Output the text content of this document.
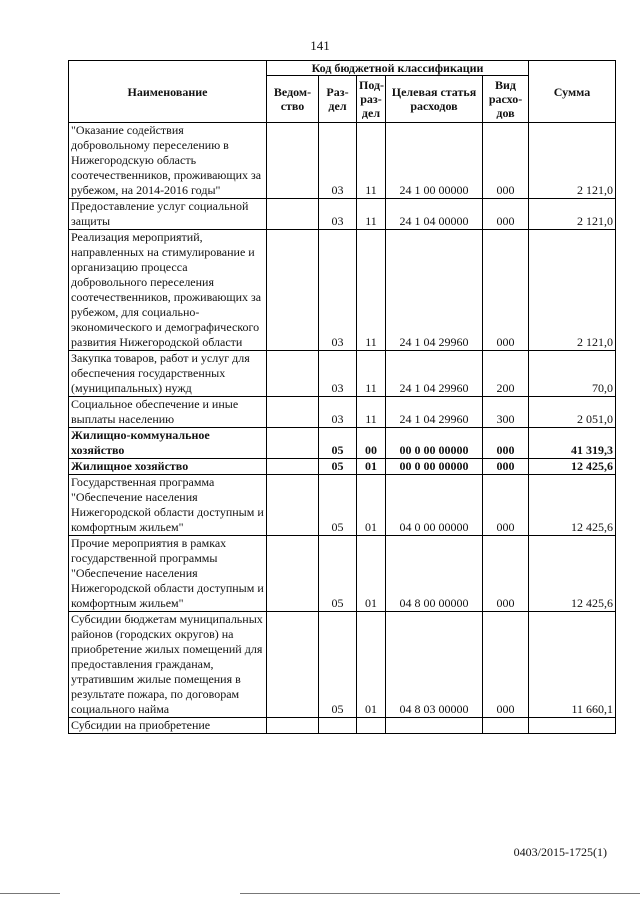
141
Наименование	Код бюджетной классификации					Сумма
	Ведом-ство	Раз-дел	Под-раз-дел	Целевая статья расходов	Вид расхо-дов	
"Оказание содействия добровольному переселению в Нижегородскую область соотечественников, проживающих за рубежом, на 2014-2016 годы"		03	11	24 1 00 00000	000	2 121,0
Предоставление услуг социальной защиты		03	11	24 1 04 00000	000	2 121,0
Реализация мероприятий, направленных на стимулирование и организацию процесса добровольного переселения соотечественников, проживающих за рубежом, для социально-экономического и демографического развития Нижегородской области		03	11	24 1 04 29960	000	2 121,0
Закупка товаров, работ и услуг для обеспечения государственных (муниципальных) нужд		03	11	24 1 04 29960	200	70,0
Социальное обеспечение и иные выплаты населению		03	11	24 1 04 29960	300	2 051,0
Жилищно-коммунальное хозяйство		05	00	00 0 00 00000	000	41 319,3
Жилищное хозяйство		05	01	00 0 00 00000	000	12 425,6
Государственная программа "Обеспечение населения Нижегородской области доступным и комфортным жильем"		05	01	04 0 00 00000	000	12 425,6
Прочие мероприятия в рамках государственной программы "Обеспечение населения Нижегородской области доступным и комфортным жильем"		05	01	04 8 00 00000	000	12 425,6
Субсидии бюджетам муниципальных районов (городских округов) на приобретение жилых помещений для предоставления гражданам, утратившим жилые помещения в результате пожара, по договорам социального найма		05	01	04 8 03 00000	000	11 660,1
Субсидии на приобретение						
0403/2015-1725(1)
